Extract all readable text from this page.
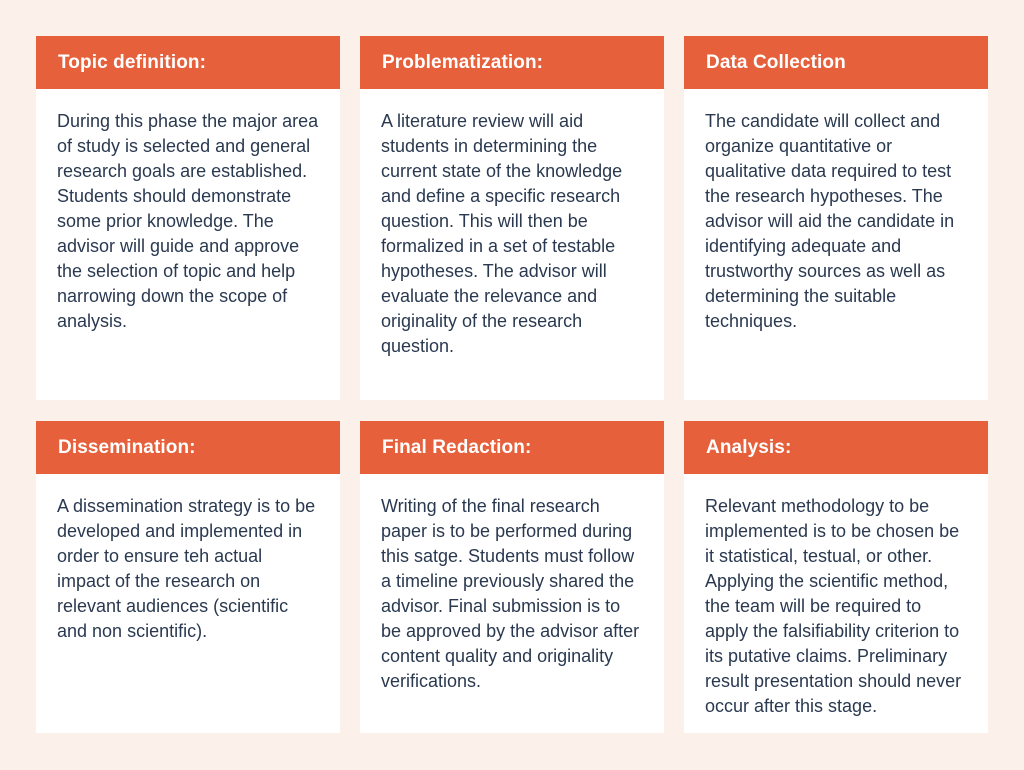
Topic definition:
During this phase the major area of study is selected and general research goals are established. Students should demonstrate some prior knowledge. The advisor will guide and approve the selection of topic and help narrowing down the scope of analysis.
Problematization:
A literature review will aid students in determining the current state of the knowledge and define a specific research question. This will then be formalized in a set of testable hypotheses. The advisor will evaluate the relevance and originality of the research question.
Data Collection
The candidate will collect and organize quantitative or qualitative data required to test the research hypotheses. The advisor will aid the candidate in identifying adequate and trustworthy sources as well as determining the suitable techniques.
Dissemination:
A dissemination strategy is to be developed and implemented in order to ensure teh actual impact of the research on relevant audiences (scientific and non scientific).
Final Redaction:
Writing of the final research paper is to be performed during this satge. Students must follow a timeline previously shared the advisor. Final submission is to be approved by the advisor after content quality and originality verifications.
Analysis:
Relevant methodology to be implemented is to be chosen be it statistical, testual, or other. Applying the scientific method, the team will be required to apply the falsifiability criterion to its putative claims. Preliminary result presentation should never occur after this stage.
